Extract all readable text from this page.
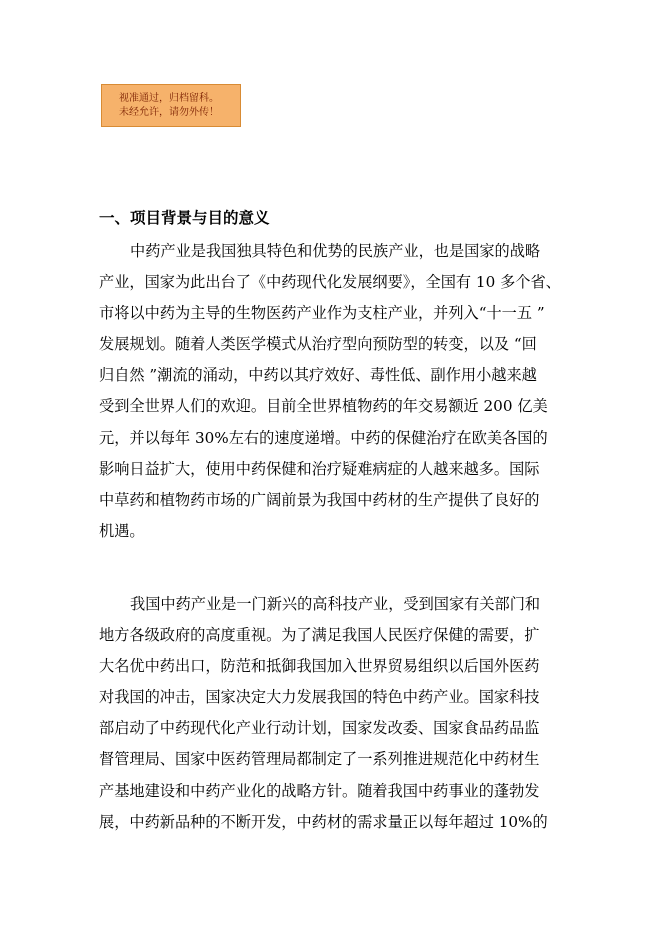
视准通过，归档留科。
未经允许，请勿外传！
一、项目背景与目的意义
中药产业是我国独具特色和优势的民族产业，也是国家的战略
产业，国家为此出台了《中药现代化发展纲要》，全国有 10 多个省、
市将以中药为主导的生物医药产业作为支柱产业，并列入“十一五 ”
发展规划。随着人类医学模式从治疗型向预防型的转变，以及 “回
归自然 ”潮流的涌动，中药以其疗效好、毒性低、副作用小越来越
受到全世界人们的欢迎。目前全世界植物药的年交易额近 200 亿美
元，并以每年 30%左右的速度递增。中药的保健治疗在欧美各国的
影响日益扩大，使用中药保健和治疗疑难病症的人越来越多。国际
中草药和植物药市场的广阔前景为我国中药材的生产提供了良好的
机遇。
我国中药产业是一门新兴的高科技产业，受到国家有关部门和
地方各级政府的高度重视。为了满足我国人民医疗保健的需要，扩
大名优中药出口，防范和抵御我国加入世界贸易组织以后国外医药
对我国的冲击，国家决定大力发展我国的特色中药产业。国家科技
部启动了中药现代化产业行动计划，国家发改委、国家食品药品监
督管理局、国家中医药管理局都制定了一系列推进规范化中药材生
产基地建设和中药产业化的战略方针。随着我国中药事业的蓬勃发
展，中药新品种的不断开发，中药材的需求量正以每年超过 10%的
